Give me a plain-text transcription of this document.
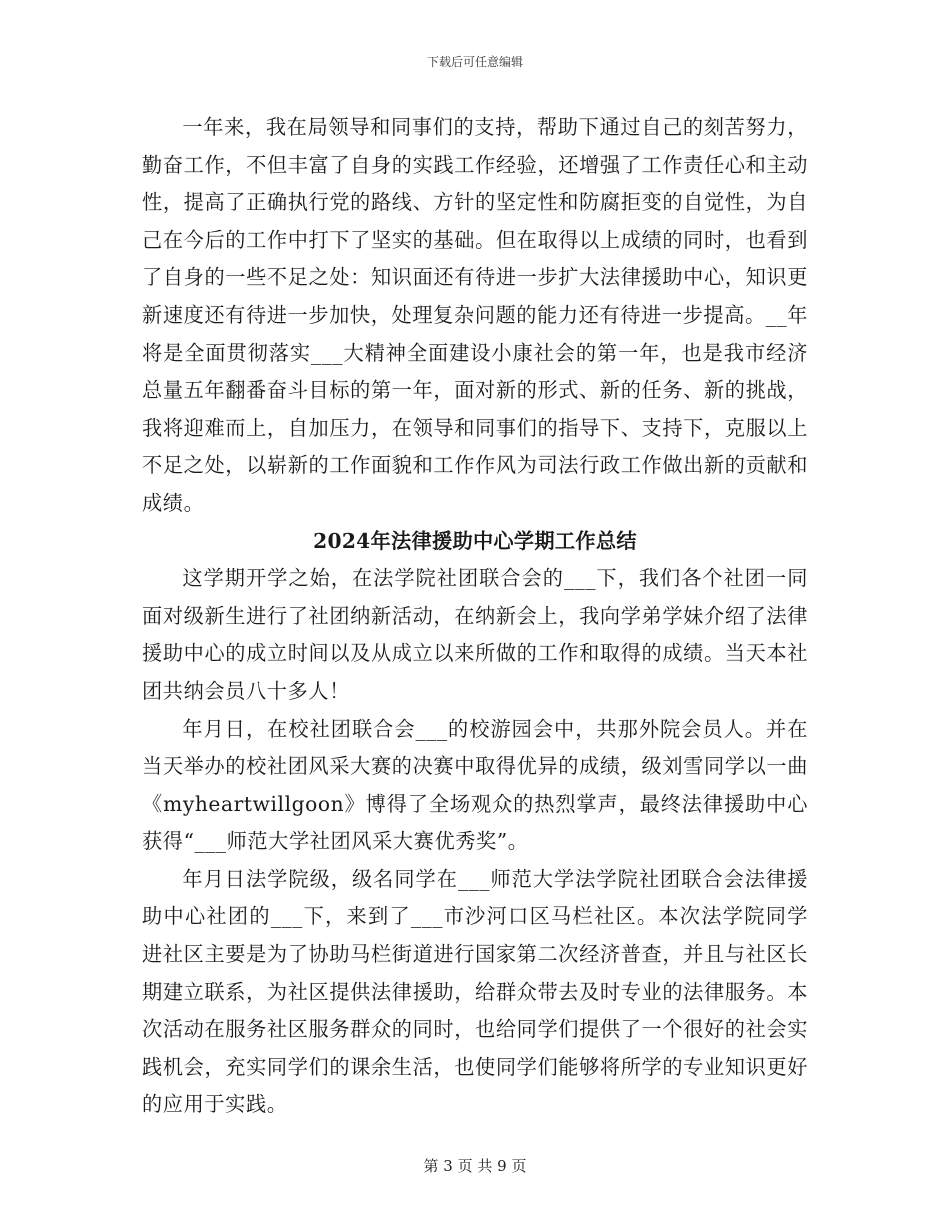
下载后可任意编辑

一年来，我在局领导和同事们的支持，帮助下通过自己的刻苦努力，勤奋工作，不但丰富了自身的实践工作经验，还增强了工作责任心和主动性，提高了正确执行党的路线、方针的坚定性和防腐拒变的自觉性，为自己在今后的工作中打下了坚实的基础。但在取得以上成绩的同时，也看到了自身的一些不足之处：知识面还有待进一步扩大法律援助中心，知识更新速度还有待进一步加快，处理复杂问题的能力还有待进一步提高。__年将是全面贯彻落实___大精神全面建设小康社会的第一年，也是我市经济总量五年翻番奋斗目标的第一年，面对新的形式、新的任务、新的挑战，我将迎难而上，自加压力，在领导和同事们的指导下、支持下，克服以上不足之处，以崭新的工作面貌和工作作风为司法行政工作做出新的贡献和成绩。

2024年法律援助中心学期工作总结

这学期开学之始，在法学院社团联合会的___下，我们各个社团一同面对级新生进行了社团纳新活动，在纳新会上，我向学弟学妹介绍了法律援助中心的成立时间以及从成立以来所做的工作和取得的成绩。当天本社团共纳会员八十多人！

年月日，在校社团联合会___的校游园会中，共那外院会员人。并在当天举办的校社团风采大赛的决赛中取得优异的成绩，级刘雪同学以一曲《myheartwillgoon》博得了全场观众的热烈掌声，最终法律援助中心获得“___师范大学社团风采大赛优秀奖”。

年月日法学院级，级名同学在___师范大学法学院社团联合会法律援助中心社团的___下，来到了___市沙河口区马栏社区。本次法学院同学进社区主要是为了协助马栏街道进行国家第二次经济普查，并且与社区长期建立联系，为社区提供法律援助，给群众带去及时专业的法律服务。本次活动在服务社区服务群众的同时，也给同学们提供了一个很好的社会实践机会，充实同学们的课余生活，也使同学们能够将所学的专业知识更好的应用于实践。

第 3 页 共 9 页
